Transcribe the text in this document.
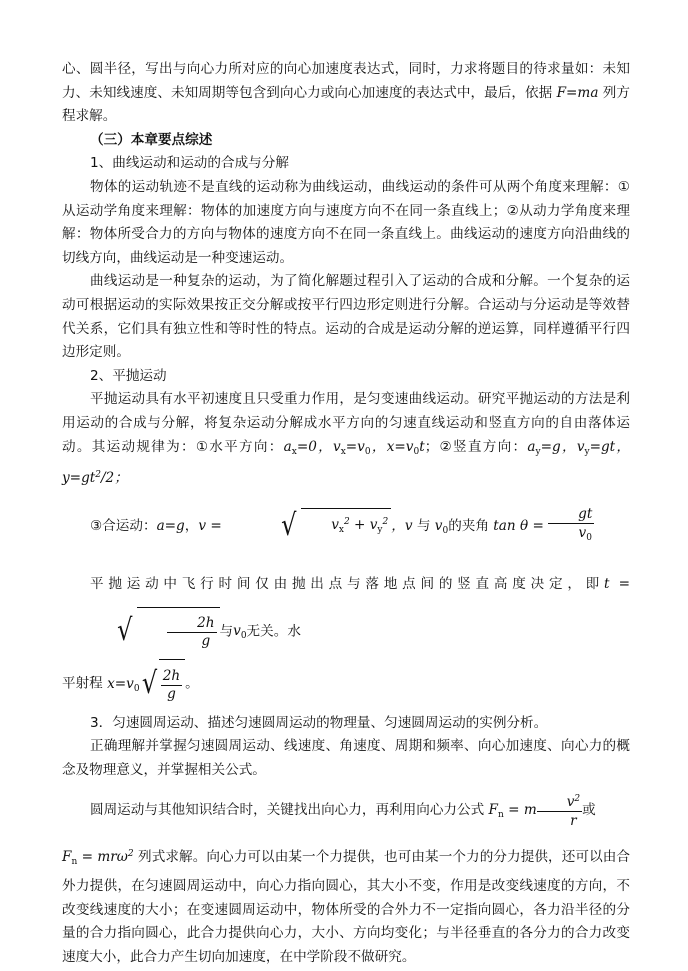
心、圆半径，写出与向心力所对应的向心加速度表达式，同时，力求将题目的待求量如：未知力、未知线速度、未知周期等包含到向心力或向心加速度的表达式中，最后，依据 F=ma 列方程求解。

（三）本章要点综述

1、曲线运动和运动的合成与分解

物体的运动轨迹不是直线的运动称为曲线运动，曲线运动的条件可从两个角度来理解：①从运动学角度来理解：物体的加速度方向与速度方向不在同一条直线上；②从动力学角度来理解：物体所受合力的方向与物体的速度方向不在同一条直线上。曲线运动的速度方向沿曲线的切线方向，曲线运动是一种变速运动。

曲线运动是一种复杂的运动，为了简化解题过程引入了运动的合成和分解。一个复杂的运动可根据运动的实际效果按正交分解或按平行四边形定则进行分解。合运动与分运动是等效替代关系，它们具有独立性和等时性的特点。运动的合成是运动分解的逆运算，同样遵循平行四边形定则。

2、平抛运动

平抛运动具有水平初速度且只受重力作用，是匀变速曲线运动。研究平抛运动的方法是利用运动的合成与分解，将复杂运动分解成水平方向的匀速直线运动和竖直方向的自由落体运动。其运动规律为：①水平方向：$a_x=0$，$v_x=v_0$，$x=v_0t$；②竖直方向：$a_y=g$，$v_y=gt$，$y=gt^2/2$；

③合运动：a=g，v = √	$v_x^2 + v_y^2$ ，v 与 $v_0$的夹角 $\tan \theta = \frac{gt}{v_0}$

平抛运动中飞行时间仅由抛出点与落地点间的竖直高度决定，即t = √	$\frac{2h}{g}$ 与$v_0$无关。水

平射程 $x=v_0√ \frac{2h}{g}$ 。

3．匀速圆周运动、描述匀速圆周运动的物理量、匀速圆周运动的实例分析。

正确理解并掌握匀速圆周运动、线速度、角速度、周期和频率、向心加速度、向心力的概念及物理意义，并掌握相关公式。

圆周运动与其他知识结合时，关键找出向心力，再利用向心力公式 $F_n = m \frac{v^2}{r}$ 或

$F_n = mr\omega^2$ 列式求解。向心力可以由某一个力提供，也可由某一个力的分力提供，还可以由合外力提供，在匀速圆周运动中，向心力指向圆心，其大小不变，作用是改变线速度的方向，不改变线速度的大小；在变速圆周运动中，物体所受的合外力不一定指向圆心，各力沿半径的分量的合力指向圆心，此合力提供向心力，大小、方向均变化；与半径垂直的各分力的合力改变速度大小，此合力产生切向加速度，在中学阶段不做研究。
